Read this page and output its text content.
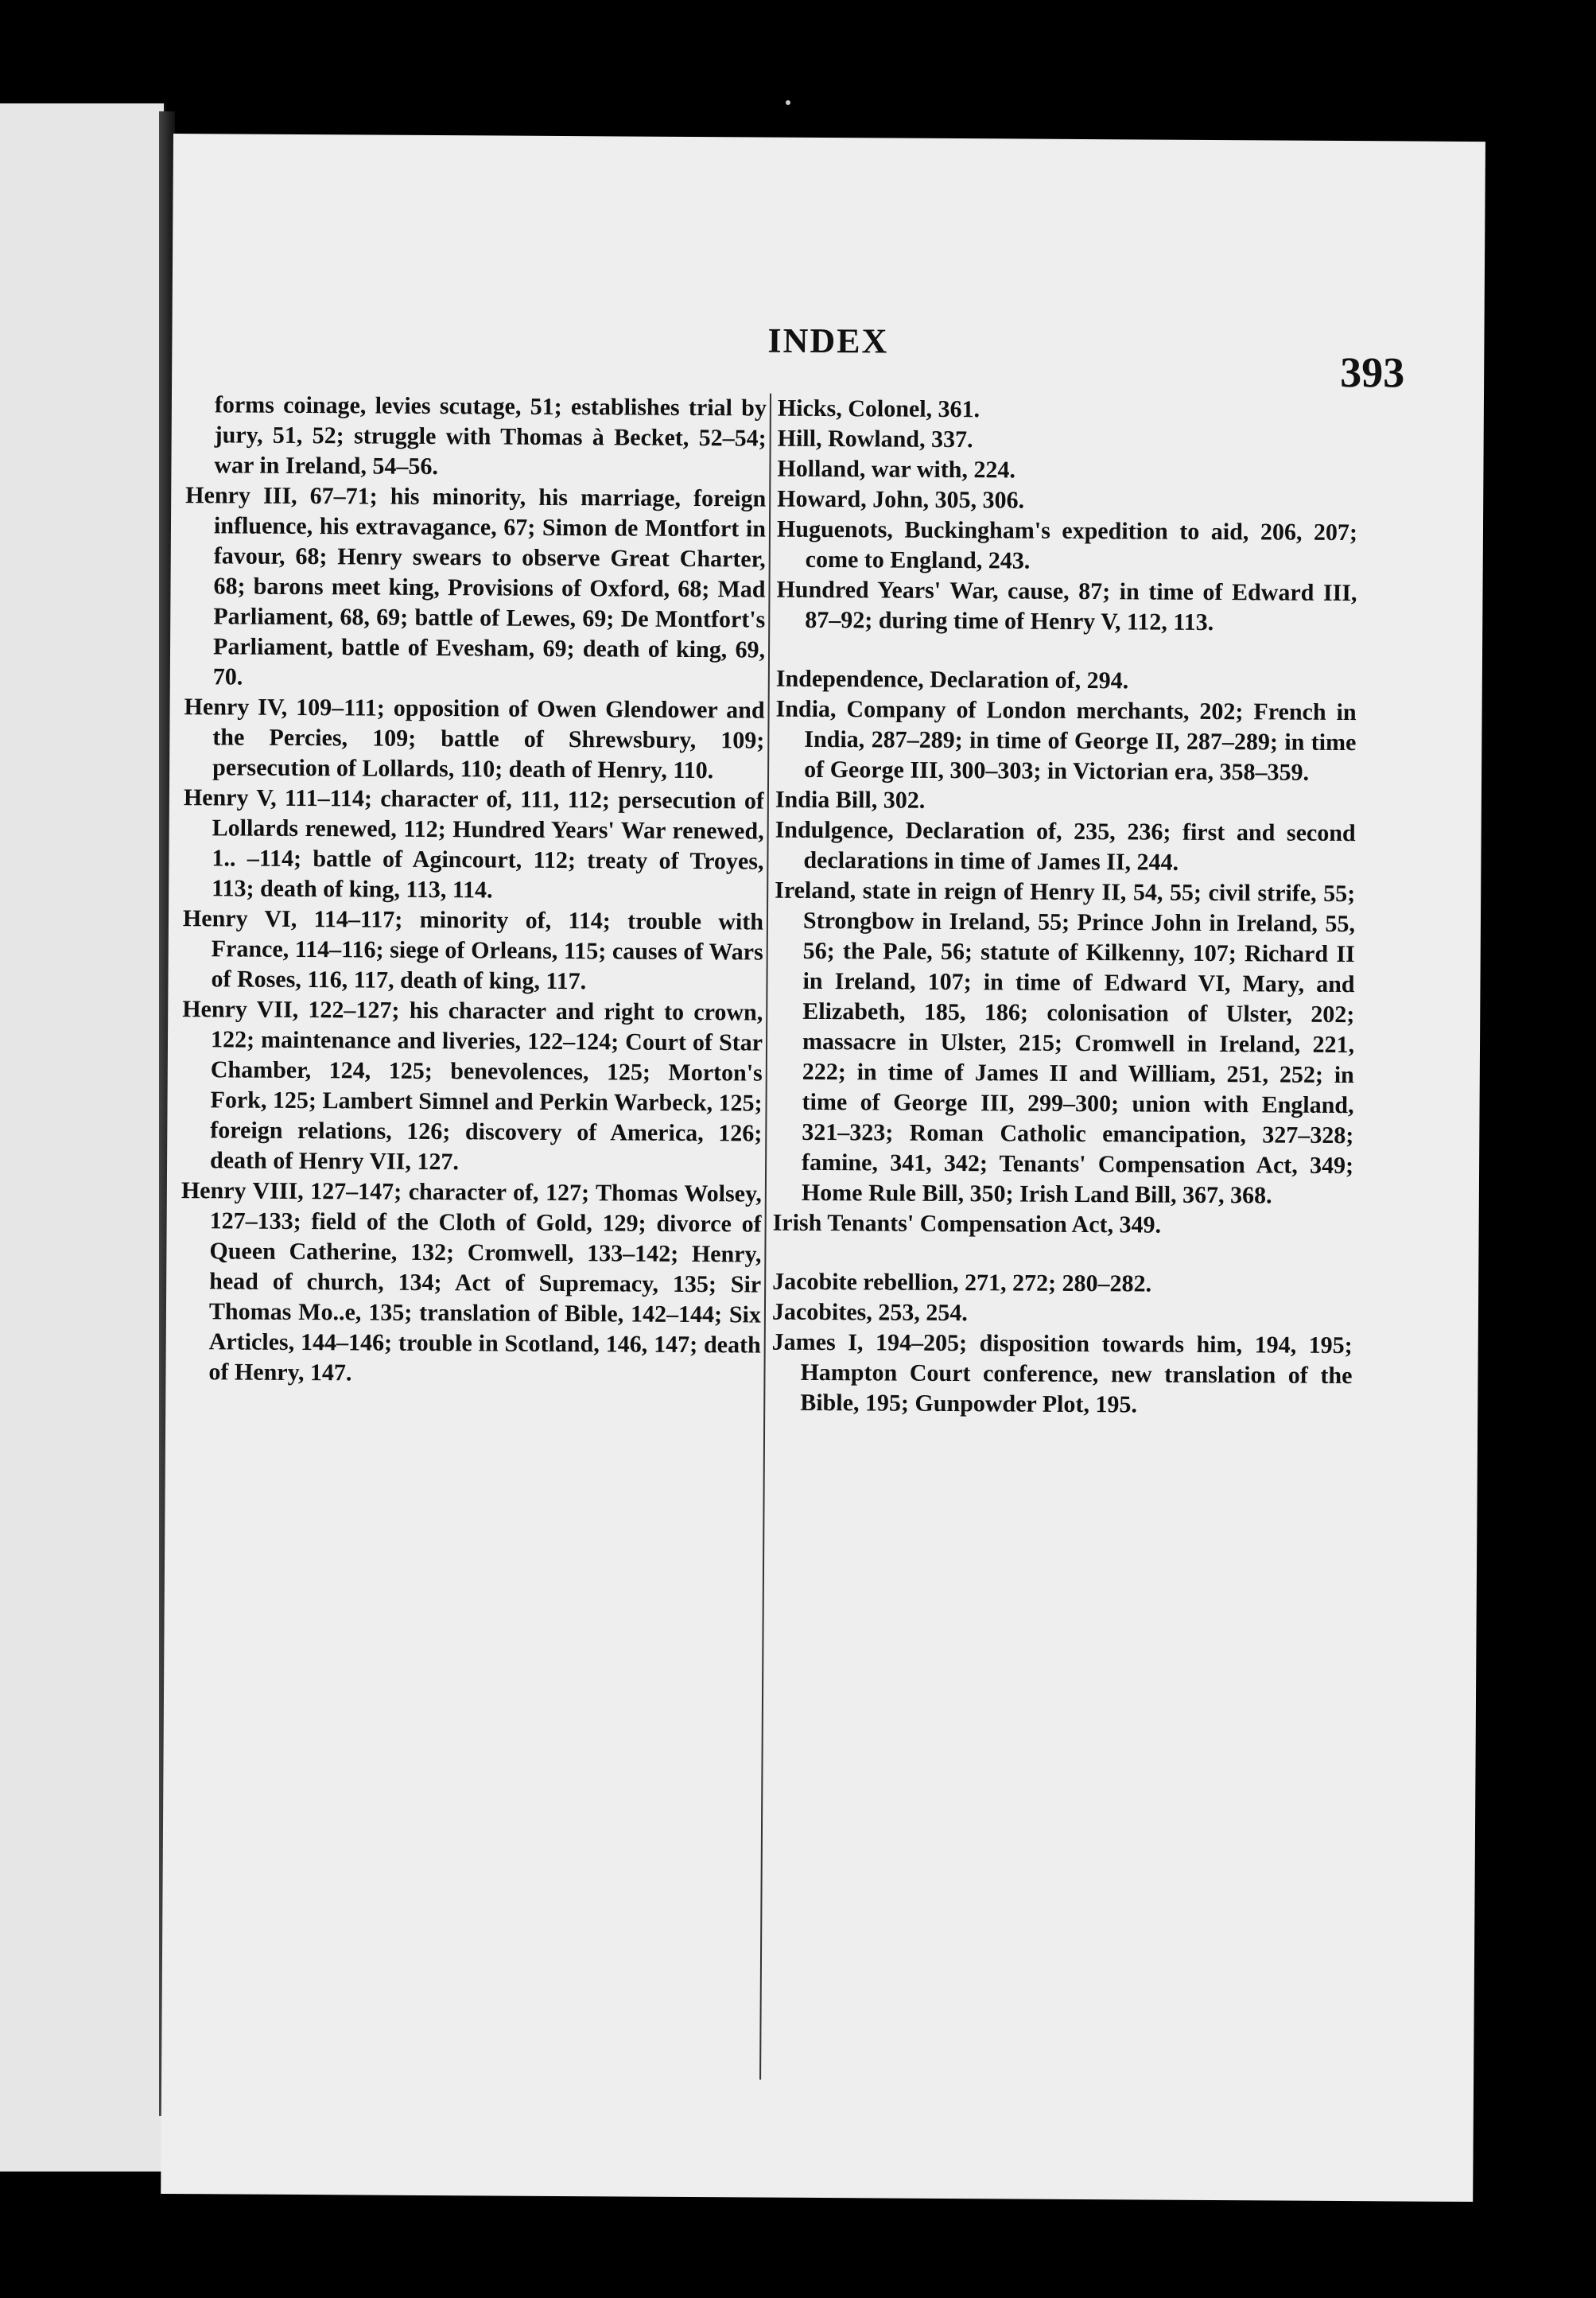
INDEX
393

forms coinage, levies scutage, 51; establishes trial by jury, 51, 52; struggle with Thomas à Becket, 52–54; war in Ireland, 54–56.

Henry III, 67–71; his minority, his marriage, foreign influence, his extravagance, 67; Simon de Montfort in favour, 68; Henry swears to observe Great Charter, 68; barons meet king, Provisions of Oxford, 68; Mad Parliament, 68, 69; battle of Lewes, 69; De Montfort's Parliament, battle of Evesham, 69; death of king, 69, 70.

Henry IV, 109–111; opposition of Owen Glendower and the Percies, 109; battle of Shrewsbury, 109; persecution of Lollards, 110; death of Henry, 110.

Henry V, 111–114; character of, 111, 112; persecution of Lollards renewed, 112; Hundred Years' War renewed, 1.. –114; battle of Agincourt, 112; treaty of Troyes, 113; death of king, 113, 114.

Henry VI, 114–117; minority of, 114; trouble with France, 114–116; siege of Orleans, 115; causes of Wars of Roses, 116, 117, death of king, 117.

Henry VII, 122–127; his character and right to crown, 122; maintenance and liveries, 122–124; Court of Star Chamber, 124, 125; benevolences, 125; Morton's Fork, 125; Lambert Simnel and Perkin Warbeck, 125; foreign relations, 126; discovery of America, 126; death of Henry VII, 127.

Henry VIII, 127–147; character of, 127; Thomas Wolsey, 127–133; field of the Cloth of Gold, 129; divorce of Queen Catherine, 132; Cromwell, 133–142; Henry, head of church, 134; Act of Supremacy, 135; Sir Thomas Mo..e, 135; translation of Bible, 142–144; Six Articles, 144–146; trouble in Scotland, 146, 147; death of Henry, 147.

Hicks, Colonel, 361.

Hill, Rowland, 337.

Holland, war with, 224.

Howard, John, 305, 306.

Huguenots, Buckingham's expedition to aid, 206, 207; come to England, 243.

Hundred Years' War, cause, 87; in time of Edward III, 87–92; during time of Henry V, 112, 113.

Independence, Declaration of, 294.

India, Company of London merchants, 202; French in India, 287–289; in time of George II, 287–289; in time of George III, 300–303; in Victorian era, 358–359.

India Bill, 302.

Indulgence, Declaration of, 235, 236; first and second declarations in time of James II, 244.

Ireland, state in reign of Henry II, 54, 55; civil strife, 55; Strongbow in Ireland, 55; Prince John in Ireland, 55, 56; the Pale, 56; statute of Kilkenny, 107; Richard II in Ireland, 107; in time of Edward VI, Mary, and Elizabeth, 185, 186; colonisation of Ulster, 202; massacre in Ulster, 215; Cromwell in Ireland, 221, 222; in time of James II and William, 251, 252; in time of George III, 299–300; union with England, 321–323; Roman Catholic emancipation, 327–328; famine, 341, 342; Tenants' Compensation Act, 349; Home Rule Bill, 350; Irish Land Bill, 367, 368.

Irish Tenants' Compensation Act, 349.

Jacobite rebellion, 271, 272; 280–282.

Jacobites, 253, 254.

James I, 194–205; disposition towards him, 194, 195; Hampton Court conference, new translation of the Bible, 195; Gunpowder Plot, 195.
